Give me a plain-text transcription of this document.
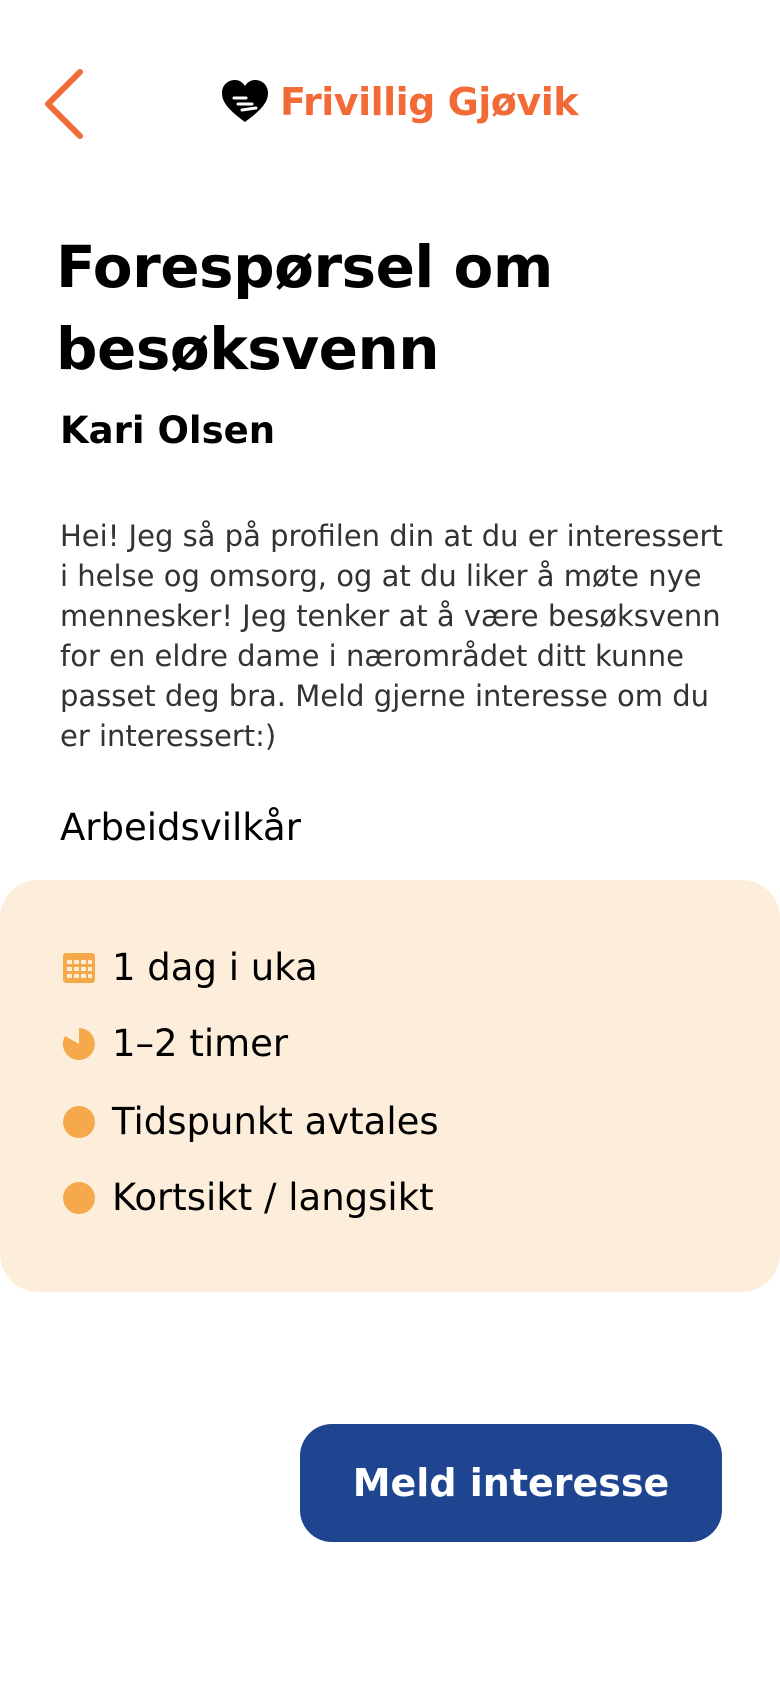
Frivillig Gjøvik
Forespørsel om besøksvenn
Kari Olsen

Hei! Jeg så på profilen din at du er interessert i helse og omsorg, og at du liker å møte nye mennesker! Jeg tenker at å være besøksvenn for en eldre dame i nærområdet ditt kunne passet deg bra. Meld gjerne interesse om du er interessert:)

Arbeidsvilkår
1 dag i uka
1–2 timer
Tidspunkt avtales
Kortsikt / langsikt
Meld interesse
